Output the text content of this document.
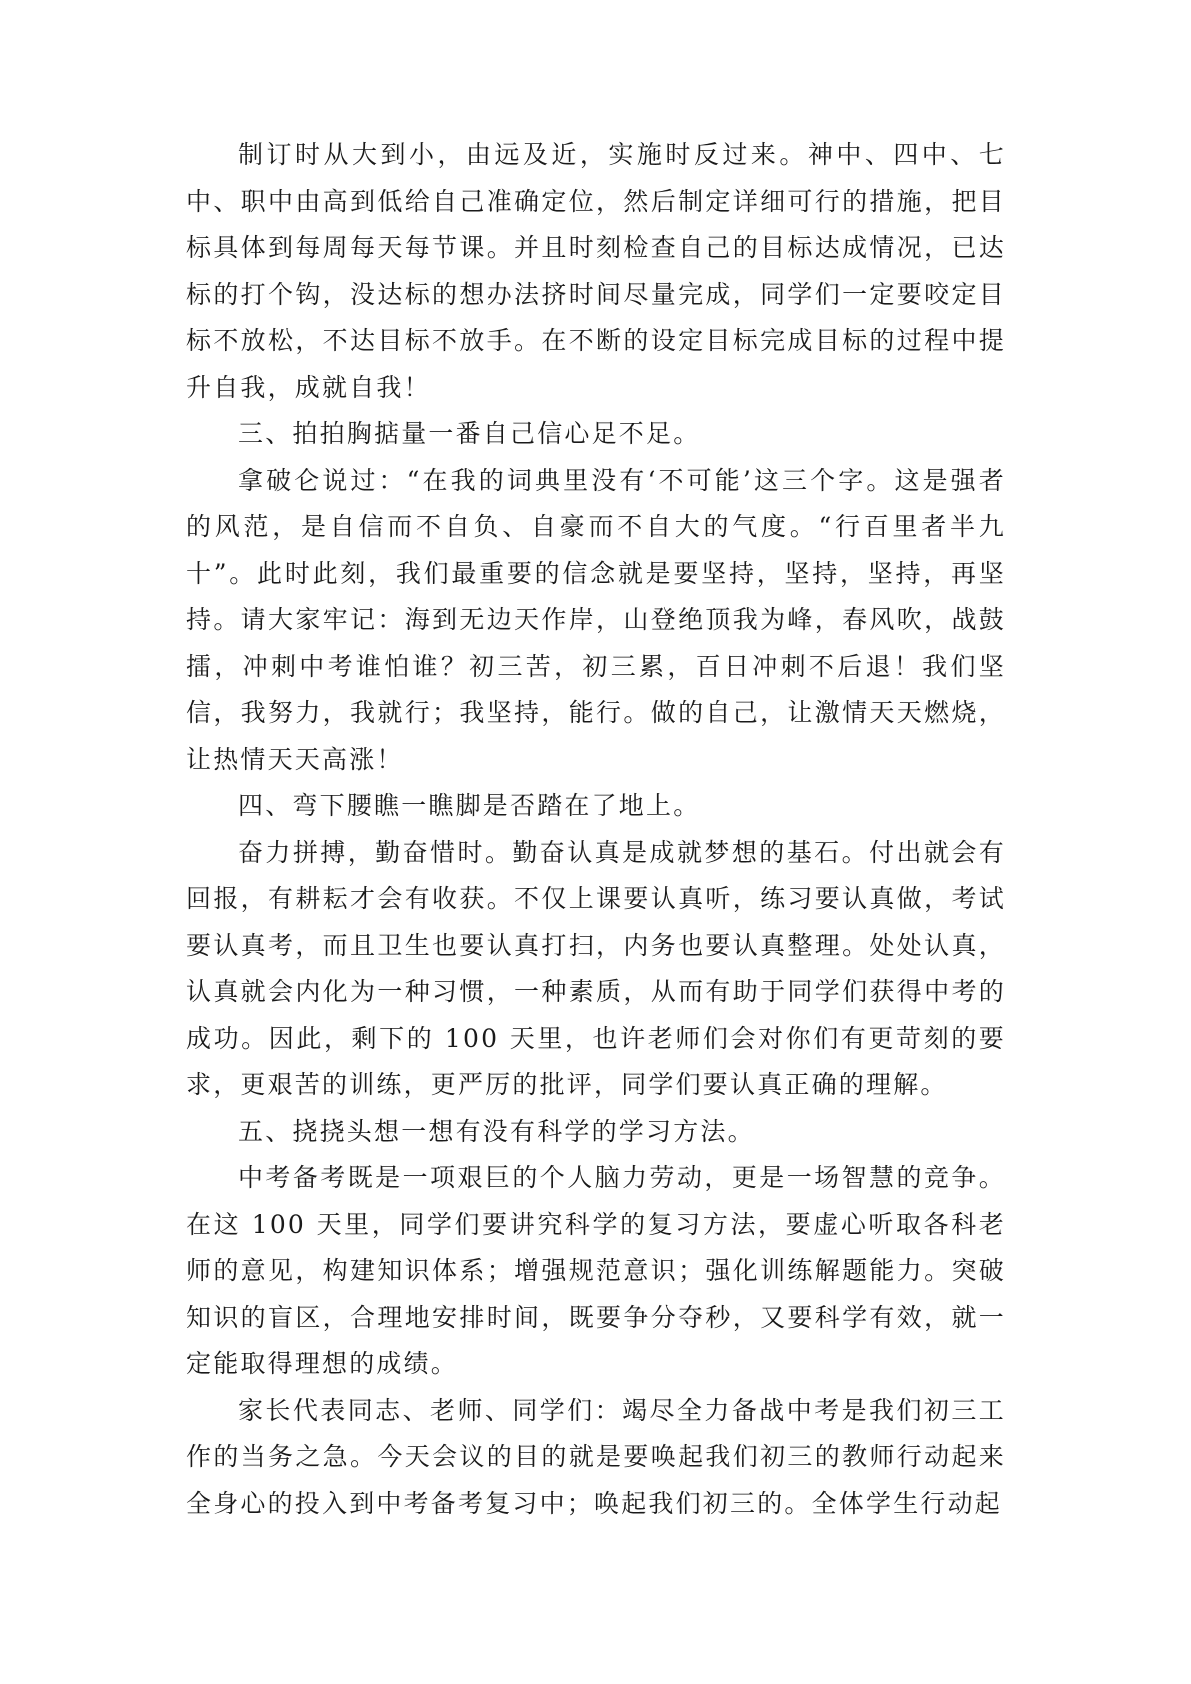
制订时从大到小，由远及近，实施时反过来。神中、四中、七中、职中由高到低给自己准确定位，然后制定详细可行的措施，把目标具体到每周每天每节课。并且时刻检查自己的目标达成情况，已达标的打个钩，没达标的想办法挤时间尽量完成，同学们一定要咬定目标不放松，不达目标不放手。在不断的设定目标完成目标的过程中提升自我，成就自我！

三、拍拍胸掂量一番自己信心足不足。

拿破仑说过：“在我的词典里没有‘不可能’这三个字。这是强者的风范，是自信而不自负、自豪而不自大的气度。“行百里者半九十”。此时此刻，我们最重要的信念就是要坚持，坚持，坚持，再坚持。请大家牢记：海到无边天作岸，山登绝顶我为峰，春风吹，战鼓擂，冲刺中考谁怕谁？初三苦，初三累，百日冲刺不后退！我们坚信，我努力，我就行；我坚持，能行。做的自己，让激情天天燃烧，让热情天天高涨！

四、弯下腰瞧一瞧脚是否踏在了地上。

奋力拼搏，勤奋惜时。勤奋认真是成就梦想的基石。付出就会有回报，有耕耘才会有收获。不仅上课要认真听，练习要认真做，考试要认真考，而且卫生也要认真打扫，内务也要认真整理。处处认真，认真就会内化为一种习惯，一种素质，从而有助于同学们获得中考的成功。因此，剩下的 100 天里，也许老师们会对你们有更苛刻的要求，更艰苦的训练，更严厉的批评，同学们要认真正确的理解。

五、挠挠头想一想有没有科学的学习方法。

中考备考既是一项艰巨的个人脑力劳动，更是一场智慧的竞争。在这 100 天里，同学们要讲究科学的复习方法，要虚心听取各科老师的意见，构建知识体系；增强规范意识；强化训练解题能力。突破知识的盲区，合理地安排时间，既要争分夺秒，又要科学有效，就一定能取得理想的成绩。

家长代表同志、老师、同学们：竭尽全力备战中考是我们初三工作的当务之急。今天会议的目的就是要唤起我们初三的教师行动起来全身心的投入到中考备考复习中；唤起我们初三的。全体学生行动起
